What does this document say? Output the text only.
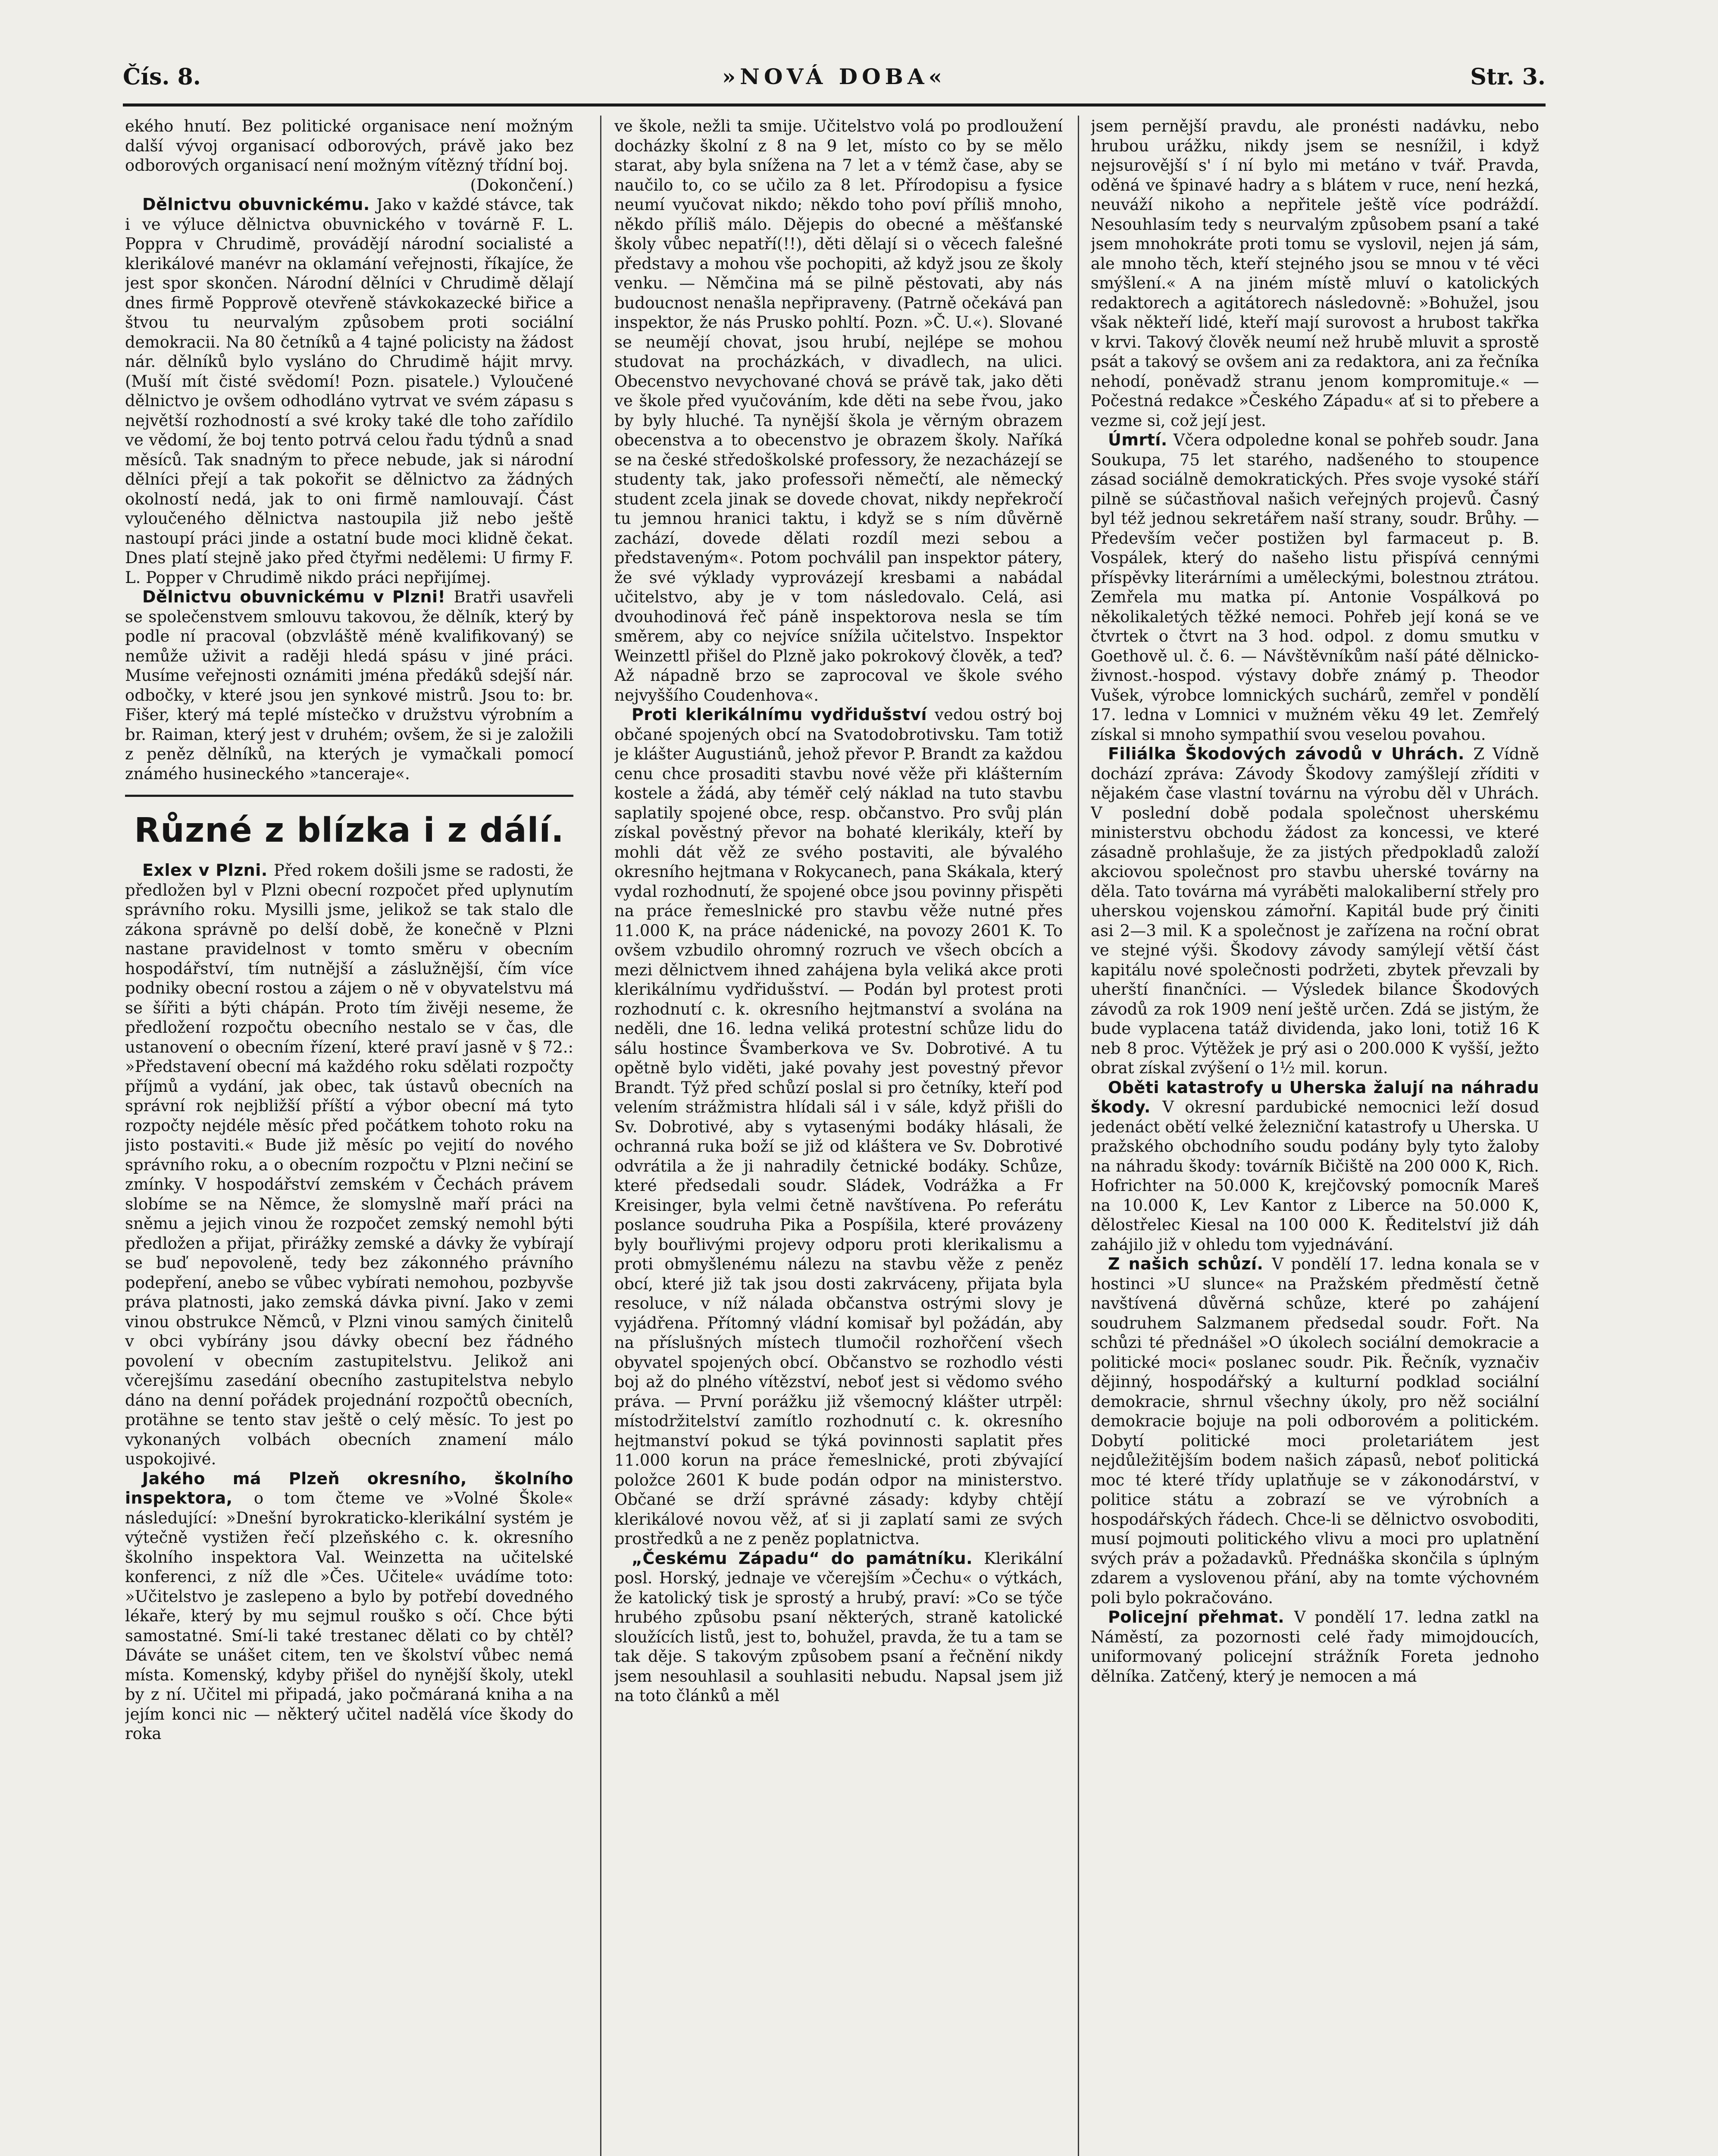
Čís. 8.	»NOVÁ DOBA«	Str. 3.

ekého hnutí. Bez politické organisace není možným další vývoj organisací odborových, právě jako bez odborových organisací není možným vítězný třídní boj.

(Dokončení.)

Dělnictvu obuvnickému. Jako v každé stávce, tak i ve výluce dělnictva obuvnického v továrně F. L. Poppra v Chrudimě, provádějí národní socialisté a klerikálové manévr na oklamání veřejnosti, říkajíce, že jest spor skončen. Národní dělníci v Chrudimě dělají dnes firmě Popprově otevřeně stávkokazecké biřice a štvou tu neurvalým způsobem proti sociální demokracii. Na 80 četníků a 4 tajné policisty na žádost nár. dělníků bylo vysláno do Chrudimě hájit mrvy. (Muší mít čisté svědomí! Pozn. pisatele.) Vyloučené dělnictvo je ovšem odhodláno vytrvat ve svém zápasu s největší rozhodností a své kroky také dle toho zařídilo ve vědomí, že boj tento potrvá celou řadu týdnů a snad měsíců. Tak snadným to přece nebude, jak si národní dělníci přejí a tak pokořit se dělnictvo za žádných okolností nedá, jak to oni firmě namlouvají. Část vyloučeného dělnictva nastoupila již nebo ještě nastoupí práci jinde a ostatní bude moci klidně čekat. Dnes platí stejně jako před čtyřmi nedělemi: U firmy F. L. Popper v Chrudimě nikdo práci nepřijímej.

Dělnictvu obuvnickému v Plzni! Bratři usavřeli se společenstvem smlouvu takovou, že dělník, který by podle ní pracoval (obzvláště méně kvalifikovaný) se nemůže uživit a raději hledá spásu v jiné práci. Musíme veřejnosti oznámiti jména předáků sdejší nár. odbočky, v které jsou jen synkové mistrů. Jsou to: br. Fišer, který má teplé místečko v družstvu výrobním a br. Raiman, který jest v druhém; ovšem, že si je založili z peněz dělníků, na kterých je vymačkali pomocí známého husineckého »tanceraje«.

Různé z blízka i z dálí.

Exlex v Plzni. Před rokem došili jsme se radosti, že předložen byl v Plzni obecní rozpočet před uplynutím správního roku. Mysilli jsme, jelikož se tak stalo dle zákona správně po delší době, že konečně v Plzni nastane pravidelnost v tomto směru v obecním hospodářství, tím nutnější a záslužnější, čím více podniky obecní rostou a zájem o ně v obyvatelstvu má se šířiti a býti chápán. Proto tím živěji neseme, že předložení rozpočtu obecního nestalo se v čas, dle ustanovení o obecním řízení, které praví jasně v § 72.: »Představení obecní má každého roku sdělati rozpočty příjmů a vydání, jak obec, tak ústavů obecních na správní rok nejbližší příští a výbor obecní má tyto rozpočty nejdéle měsíc před počátkem tohoto roku na jisto postaviti.« Bude již měsíc po vejití do nového správního roku, a o obecním rozpočtu v Plzni nečiní se zmínky. V hospodářství zemském v Čechách právem slobíme se na Němce, že slomyslně maří práci na sněmu a jejich vinou že rozpočet zemský nemohl býti předložen a přijat, přirážky zemské a dávky že vybírají se buď nepovoleně, tedy bez zákonného právního podepření, anebo se vůbec vybírati nemohou, pozbyvše práva platnosti, jako zemská dávka pivní. Jako v zemi vinou obstrukce Němců, v Plzni vinou samých činitelů v obci vybírány jsou dávky obecní bez řádného povolení v obecním zastupitelstvu. Jelikož ani včerejšímu zasedání obecního zastupitelstva nebylo dáno na denní pořádek projednání rozpočtů obecních, protähne se tento stav ještě o celý měsíc. To jest po vykonaných volbách obecních znamení málo uspokojivé.

Jakého má Plzeň okresního, školního inspektora, o tom čteme ve »Volné Škole« následující: »Dnešní byrokraticko-klerikální systém je výtečně vystižen řečí plzeňského c. k. okresního školního inspektora Val. Weinzetta na učitelské konferenci, z níž dle »Čes. Učitele« uvádíme toto: »Učitelstvo je zaslepeno a bylo by potřebí dovedného lékaře, který by mu sejmul rouško s očí. Chce býti samostatné. Smí-li také trestanec dělati co by chtěl? Dáváte se unášet citem, ten ve školství vůbec nemá místa. Komenský, kdyby přišel do nynější školy, utekl by z ní. Učitel mi připadá, jako počmáraná kniha a na jejím konci nic — některý učitel nadělá více škody do roka

ve škole, nežli ta smije. Učitelstvo volá po prodloužení docházky školní z 8 na 9 let, místo co by se mělo starat, aby byla snížena na 7 let a v témž čase, aby se naučilo to, co se učilo za 8 let. Přírodopisu a fysice neumí vyučovat nikdo; někdo toho poví příliš mnoho, někdo příliš málo. Dějepis do obecné a měšťanské školy vůbec nepatří(!!), děti dělají si o věcech falešné představy a mohou vše pochopiti, až když jsou ze školy venku. — Němčina má se pilně pěstovati, aby nás budoucnost nenašla nepřipraveny. (Patrně očekává pan inspektor, že nás Prusko pohltí. Pozn. »Č. U.«). Slované se neumějí chovat, jsou hrubí, nejlépe se mohou studovat na procházkách, v divadlech, na ulici. Obecenstvo nevychované chová se právě tak, jako děti ve škole před vyučováním, kde děti na sebe řvou, jako by byly hluché. Ta nynější škola je věrným obrazem obecenstva a to obecenstvo je obrazem školy. Naříká se na české středoškolské professory, že nezacházejí se studenty tak, jako professoři němečtí, ale německý student zcela jinak se dovede chovat, nikdy nepřekročí tu jemnou hranici taktu, i když se s ním důvěrně zachází, dovede dělati rozdíl mezi sebou a představeným«. Potom pochválil pan inspektor pátery, že své výklady vyprovázejí kresbami a nabádal učitelstvo, aby je v tom následovalo. Celá, asi dvouhodinová řeč páně inspektorova nesla se tím směrem, aby co nejvíce snížila učitelstvo. Inspektor Weinzettl přišel do Plzně jako pokrokový člověk, a teď? Až nápadně brzo se zaprocoval ve škole svého nejvyššího Coudenhova«.

Proti klerikálnímu vydřidušství vedou ostrý boj občané spojených obcí na Svatodobrotivsku. Tam totiž je klášter Augustiánů, jehož převor P. Brandt za každou cenu chce prosaditi stavbu nové věže při klášterním kostele a žádá, aby téměř celý náklad na tuto stavbu saplatily spojené obce, resp. občanstvo. Pro svůj plán získal pověstný převor na bohaté klerikály, kteří by mohli dát věž ze svého postaviti, ale bývalého okresního hejtmana v Rokycanech, pana Skákala, který vydal rozhodnutí, že spojené obce jsou povinny přispěti na práce řemeslnické pro stavbu věže nutné přes 11.000 K, na práce nádenické, na povozy 2601 K. To ovšem vzbudilo ohromný rozruch ve všech obcích a mezi dělnictvem ihned zahájena byla veliká akce proti klerikálnímu vydřidušství. — Podán byl protest proti rozhodnutí c. k. okresního hejtmanství a svolána na neděli, dne 16. ledna veliká protestní schůze lidu do sálu hostince Švamberkova ve Sv. Dobrotivé. A tu opětně bylo viděti, jaké povahy jest povestný převor Brandt. Týž před schůzí poslal si pro četníky, kteří pod velením strážmistra hlídali sál i v sále, když přišli do Sv. Dobrotivé, aby s vytasenými bodáky hlásali, že ochranná ruka boží se již od kláštera ve Sv. Dobrotivé odvrátila a že ji nahradily četnické bodáky. Schůze, které předsedali soudr. Sládek, Vodrážka a Fr Kreisinger, byla velmi četně navštívena. Po referátu poslance soudruha Pika a Pospíšila, které provázeny byly bouřlivými projevy odporu proti klerikalismu a proti obmyšlenému nálezu na stavbu věže z peněz obcí, které již tak jsou dosti zakrváceny, přijata byla resoluce, v níž nálada občanstva ostrými slovy je vyjádřena. Přítomný vládní komisař byl požádán, aby na příslušných místech tlumočil rozhořčení všech obyvatel spojených obcí. Občanstvo se rozhodlo vésti boj až do plného vítězství, neboť jest si vědomo svého práva. — První porážku již všemocný klášter utrpěl: místodržitelství zamítlo rozhodnutí c. k. okresního hejtmanství pokud se týká povinnosti saplatit přes 11.000 korun na práce řemeslnické, proti zbývající položce 2601 K bude podán odpor na ministerstvo. Občané se drží správné zásady: kdyby chtějí klerikálové novou věž, ať si ji zaplatí sami ze svých prostředků a ne z peněz poplatnictva.

„Českému Západu“ do památníku. Klerikální posl. Horský, jednaje ve včerejším »Čechu« o výtkách, že katolický tisk je sprostý a hrubý, praví: »Co se týče hrubého způsobu psaní některých, straně katolické sloužících listů, jest to, bohužel, pravda, že tu a tam se tak děje. S takovým způsobem psaní a řečnění nikdy jsem nesouhlasil a souhlasiti nebudu. Napsal jsem již na toto článků a měl

jsem pernější pravdu, ale pronésti nadávku, nebo hrubou urážku, nikdy jsem se nesnížil, i když nejsurovější s' í ní bylo mi metáno v tvář. Pravda, oděná ve špinavé hadry a s blátem v ruce, není hezká, neuváží nikoho a nepřitele ještě více podráždí. Nesouhlasím tedy s neurvalým způsobem psaní a také jsem mnohokráte proti tomu se vyslovil, nejen já sám, ale mnoho těch, kteří stejného jsou se mnou v té věci smýšlení.« A na jiném místě mluví o katolických redaktorech a agitátorech následovně: »Bohužel, jsou však někteří lidé, kteří mají surovost a hrubost takřka v krvi. Takový člověk neumí než hrubě mluvit a sprostě psát a takový se ovšem ani za redaktora, ani za řečníka nehodí, poněvadž stranu jenom kompromituje.« — Počestná redakce »Českého Západu« ať si to přebere a vezme si, což její jest.

Úmrtí. Včera odpoledne konal se pohřeb soudr. Jana Soukupa, 75 let starého, nadšeného to stoupence zásad sociálně demokratických. Přes svoje vysoké stáří pilně se súčastňoval našich veřejných projevů. Časný byl též jednou sekretářem naší strany, soudr. Brůhy. — Především večer postižen byl farmaceut p. B. Vospálek, který do našeho listu přispívá cennými příspěvky literárními a uměleckými, bolestnou ztrátou. Zemřela mu matka pí. Antonie Vospálková po několikaletých těžké nemoci. Pohřeb její koná se ve čtvrtek o čtvrt na 3 hod. odpol. z domu smutku v Goethově ul. č. 6. — Návštěvníkům naší páté dělnicko-živnost.-hospod. výstavy dobře známý p. Theodor Vušek, výrobce lomnických suchárů, zemřel v pondělí 17. ledna v Lomnici v mužném věku 49 let. Zemřelý získal si mnoho sympathií svou veselou povahou.

Filiálka Škodových závodů v Uhrách. Z Vídně dochází zpráva: Závody Škodovy zamýšlejí zříditi v nějakém čase vlastní továrnu na výrobu děl v Uhrách. V poslední době podala společnost uherskému ministerstvu obchodu žádost za koncessi, ve které zásadně prohlašuje, že za jistých předpokladů založí akciovou společnost pro stavbu uherské továrny na děla. Tato továrna má vyráběti malokaliberní střely pro uherskou vojenskou zámořní. Kapitál bude prý činiti asi 2—3 mil. K a společnost je zařízena na roční obrat ve stejné výši. Škodovy závody samýlejí větší část kapitálu nové společnosti podržeti, zbytek převzali by uherští finančníci. — Výsledek bilance Škodových závodů za rok 1909 není ještě určen. Zdá se jistým, že bude vyplacena tatáž dividenda, jako loni, totiž 16 K neb 8 proc. Výtěžek je prý asi o 200.000 K vyšší, ježto obrat získal zvýšení o 1½ mil. korun.

Oběti katastrofy u Uherska žalují na náhradu škody. V okresní pardubické nemocnici leží dosud jedenáct obětí velké železniční katastrofy u Uherska. U pražského obchodního soudu podány byly tyto žaloby na náhradu škody: továrník Bičiště na 200 000 K, Rich. Hofrichter na 50.000 K, krejčovský pomocník Mareš na 10.000 K, Lev Kantor z Liberce na 50.000 K, dělostřelec Kiesal na 100 000 K. Ředitelství již dáh zahájilo již v ohledu tom vyjednávání.

Z našich schůzí. V pondělí 17. ledna konala se v hostinci »U slunce« na Pražském předměstí četně navštívená důvěrná schůze, které po zahájení soudruhem Salzmanem předsedal soudr. Fořt. Na schůzi té přednášel »O úkolech sociální demokracie a politické moci« poslanec soudr. Pik. Řečník, vyznačiv dějinný, hospodářský a kulturní podklad sociální demokracie, shrnul všechny úkoly, pro něž sociální demokracie bojuje na poli odborovém a politickém. Dobytí politické moci proletariátem jest nejdůležitějším bodem našich zápasů, neboť politická moc té které třídy uplatňuje se v zákonodárství, v politice státu a zobrazí se ve výrobních a hospodářských řádech. Chce-li se dělnictvo osvoboditi, musí pojmouti politického vlivu a moci pro uplatnění svých práv a požadavků. Přednáška skončila s úplným zdarem a vyslovenou přání, aby na tomte výchovném poli bylo pokračováno.

Policejní přehmat. V pondělí 17. ledna zatkl na Náměstí, za pozornosti celé řady mimojdoucích, uniformovaný policejní strážník Foreta jednoho dělníka. Zatčený, který je nemocen a má
